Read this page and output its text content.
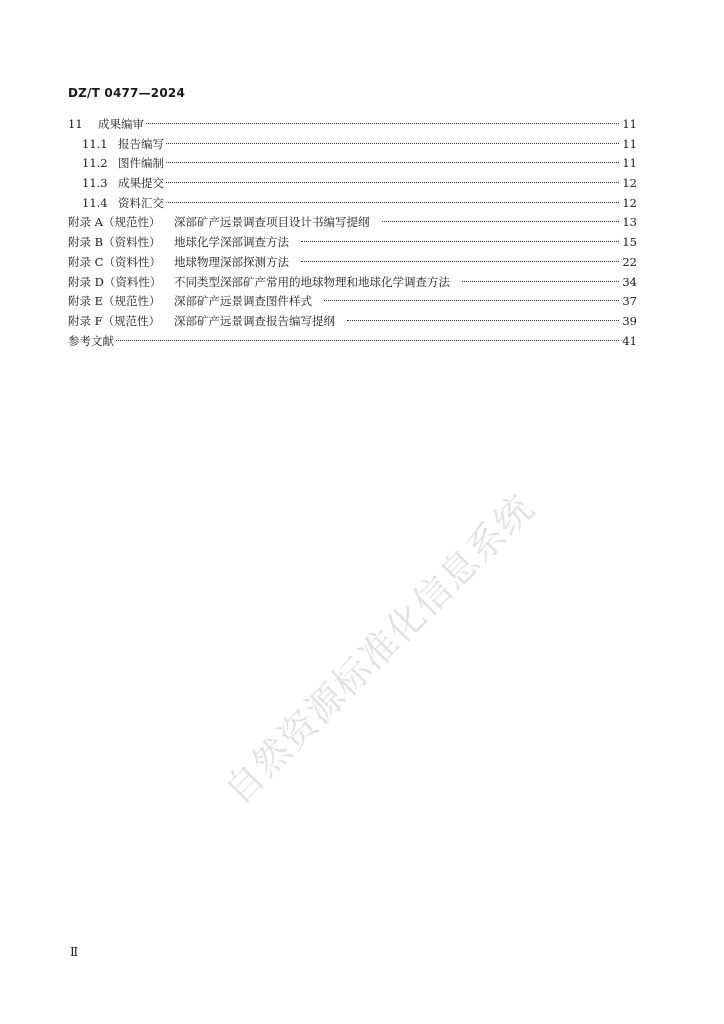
DZ/T 0477—2024
11	成果编审	11
11.1 报告编写	11
11.2 图件编制	11
11.3 成果提交	12
11.4 资料汇交	12
附录 A（规范性）	深部矿产远景调查项目设计书编写提纲	13
附录 B（资料性）	地球化学深部调查方法	15
附录 C（资料性）	地球物理深部探测方法	22
附录 D（资料性）	不同类型深部矿产常用的地球物理和地球化学调查方法	34
附录 E（规范性）	深部矿产远景调查图件样式	37
附录 F（规范性）	深部矿产远景调查报告编写提纲	39
参考文献	41
自然资源标准化信息系统
Ⅱ
